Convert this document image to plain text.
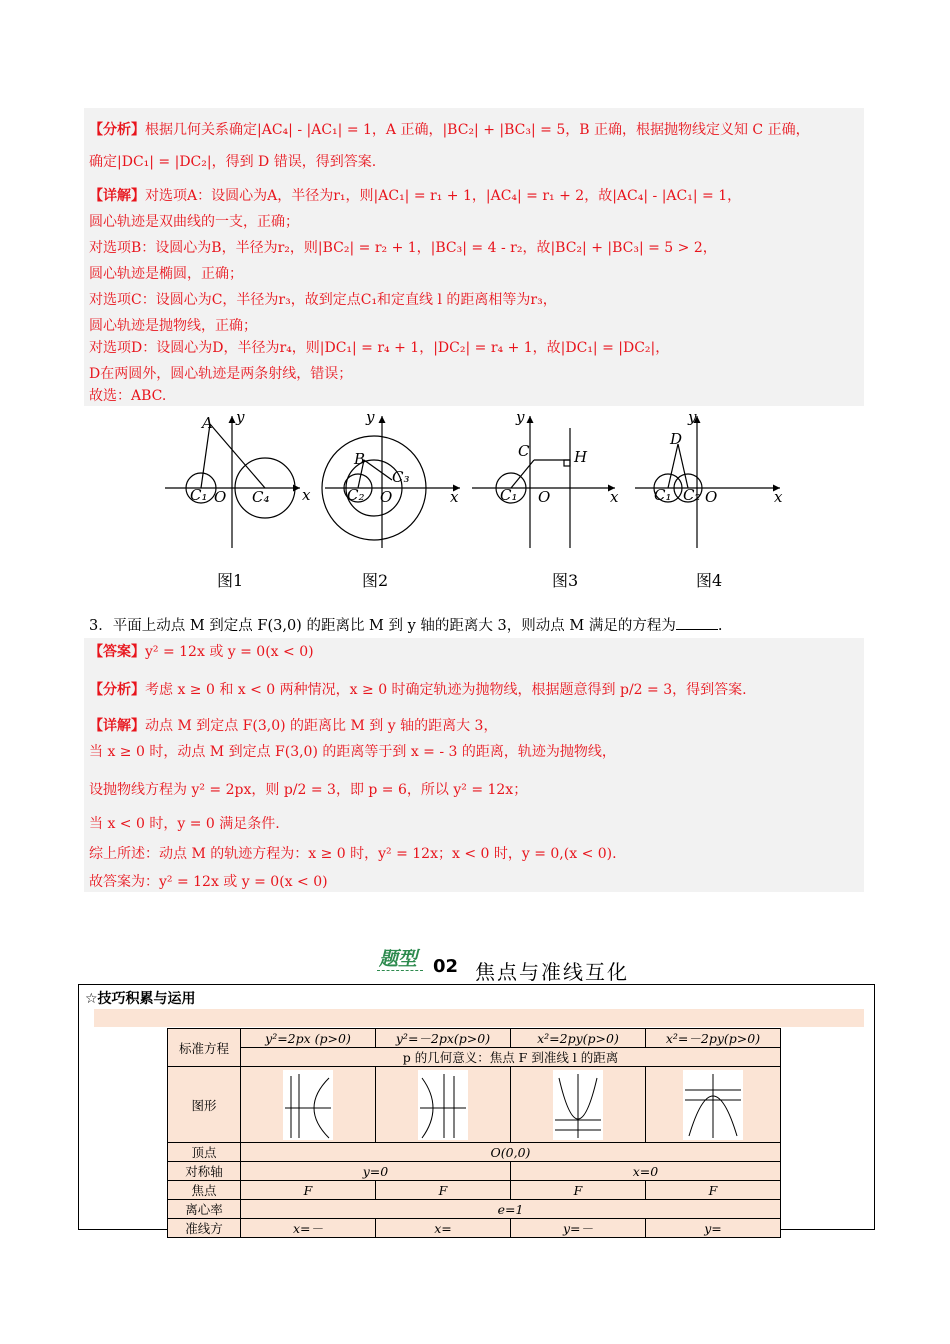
【分析】根据几何关系确定|AC₄| - |AC₁| = 1，A 正确，|BC₂| + |BC₃| = 5，B 正确，根据抛物线定义知 C 正确，
确定|DC₁| = |DC₂|，得到 D 错误，得到答案.
【详解】对选项A：设圆心为A，半径为r₁，则|AC₁| = r₁ + 1，|AC₄| = r₁ + 2，故|AC₄| - |AC₁| = 1，
圆心轨迹是双曲线的一支，正确；
对选项B：设圆心为B，半径为r₂，则|BC₂| = r₂ + 1，|BC₃| = 4 - r₂，故|BC₂| + |BC₃| = 5 > 2，
圆心轨迹是椭圆，正确；
对选项C：设圆心为C，半径为r₃，故到定点C₁和定直线 l 的距离相等为r₃，
圆心轨迹是抛物线，正确；
对选项D：设圆心为D，半径为r₄，则|DC₁| = r₄ + 1，|DC₂| = r₄ + 1，故|DC₁| = |DC₂|，
D在两圆外，圆心轨迹是两条射线，错误；
故选：ABC.
A y
C₁ O C₄ x
B
y
C₃
C₂ O	x
y
C	H
C₁ O	x
y
D
C₁ C₂ O	x
图1	图2	图3	图4
3．平面上动点 M 到定点 F(3,0) 的距离比 M 到 y 轴的距离大 3，则动点 M 满足的方程为	.
【答案】y² = 12x 或 y = 0(x < 0)
【分析】考虑 x ≥ 0 和 x < 0 两种情况，x ≥ 0 时确定轨迹为抛物线，根据题意得到 p/2 = 3，得到答案.
【详解】动点 M 到定点 F(3,0) 的距离比 M 到 y 轴的距离大 3，
当 x ≥ 0 时，动点 M 到定点 F(3,0) 的距离等于到 x = - 3 的距离，轨迹为抛物线，
设抛物线方程为 y² = 2px，则 p/2 = 3，即 p = 6，所以 y² = 12x；
当 x < 0 时，y = 0 满足条件.
综上所述：动点 M 的轨迹方程为：x ≥ 0 时，y² = 12x；x < 0 时，y = 0,(x < 0).
故答案为：y² = 12x 或 y = 0(x < 0)
题型 02 焦点与准线互化
☆技巧积累与运用
标准方程	y²=2px (p>0)	y²=－2px(p>0)	x²=2py(p>0)	x²=－2py(p>0)
	p 的几何意义：焦点 F 到准线 l 的距离			
图形				
顶点	O(0,0)			
对称轴	y=0		x=0	
焦点	F	F	F	F
离心率	e=1			
准线方	x=－	x=	y=－	y=
